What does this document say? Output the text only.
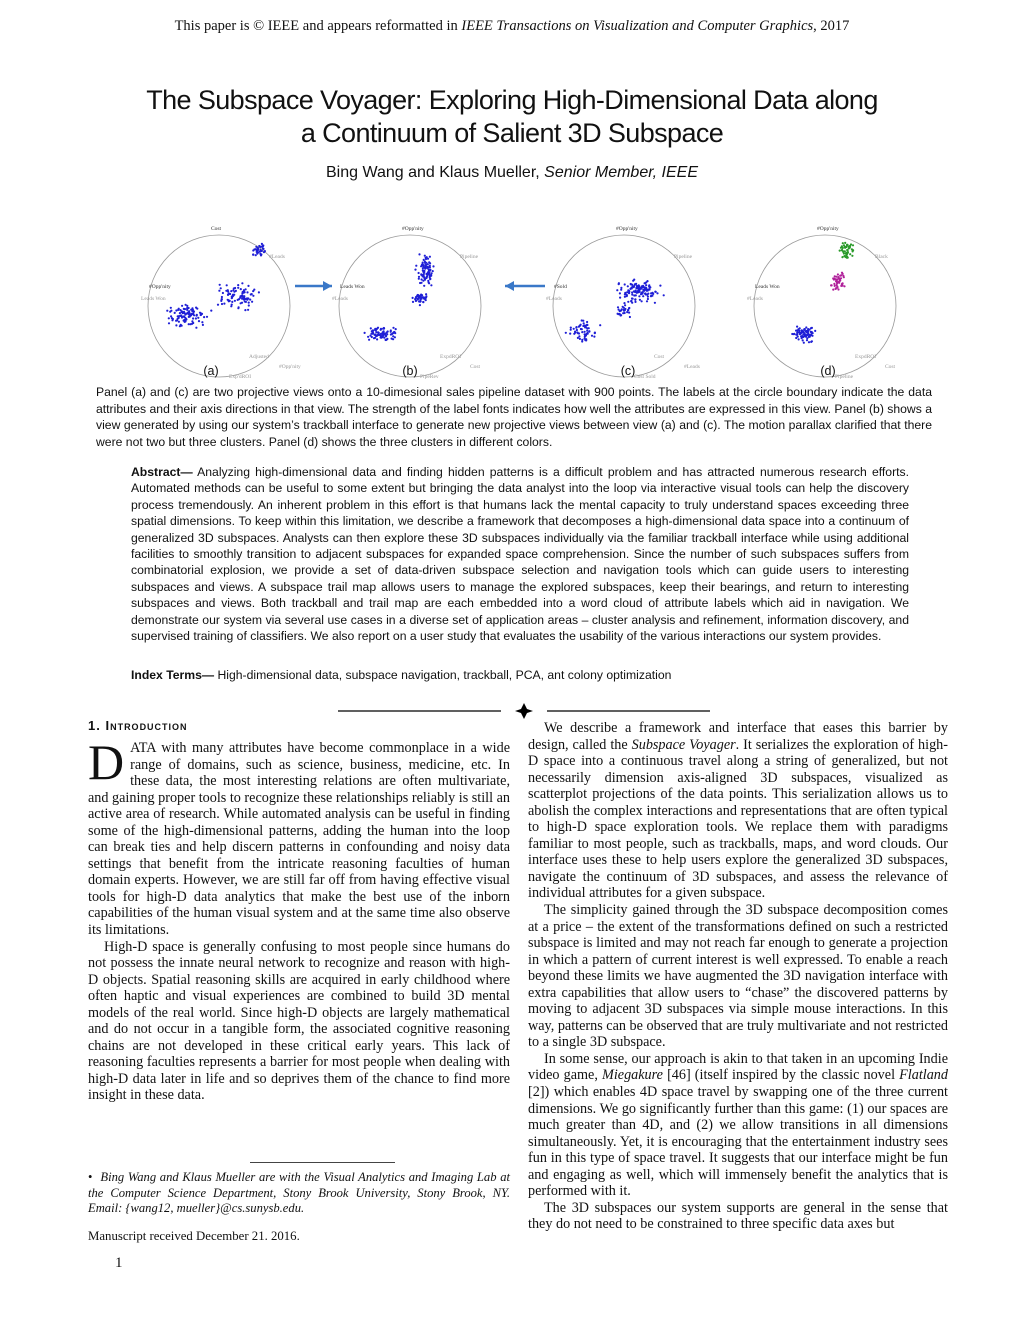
This paper is © IEEE and appears reformatted in IEEE Transactions on Visualization and Computer Graphics, 2017
The Subspace Voyager: Exploring High-Dimensional Data along
a Continuum of Salient 3D Subspace
Bing Wang and Klaus Mueller, Senior Member, IEEE
Cost
#Opp'nity
Leads Won
#Leads
#Opp'nity
Adjusted
Exp'dROI
#Opp'nity
Leads Won
#Leads
Pipeline
Cost
ExpdROI
PipeRev
#Opp'nity
#Sold
#Leads
Pipeline
#Leads
Cost
Cost Sold
#Opp'nity
Leads Won
#Leads
Black
Cost
ExpdROI
Pipeline
(a)	(b)	(c)	(d)
Panel (a) and (c) are two projective views onto a 10-dimesional sales pipeline dataset with 900 points. The labels at the circle boundary indicate the data attributes and their axis directions in that view. The strength of the label fonts indicates how well the attributes are expressed in this view. Panel (b) shows a view generated by using our system’s trackball interface to generate new projective views between view (a) and (c). The motion parallax clarified that there were not two but three clusters. Panel (d) shows the three clusters in different colors.
Abstract— Analyzing high-dimensional data and finding hidden patterns is a difficult problem and has attracted numerous research efforts. Automated methods can be useful to some extent but bringing the data analyst into the loop via interactive visual tools can help the discovery process tremendously. An inherent problem in this effort is that humans lack the mental capacity to truly understand spaces exceeding three spatial dimensions. To keep within this limitation, we describe a framework that decomposes a high-dimensional data space into a continuum of generalized 3D subspaces. Analysts can then explore these 3D subspaces individually via the familiar trackball interface while using additional facilities to smoothly transition to adjacent subspaces for expanded space comprehension. Since the number of such subspaces suffers from combinatorial explosion, we provide a set of data-driven subspace selection and navigation tools which can guide users to interesting subspaces and views. A subspace trail map allows users to manage the explored subspaces, keep their bearings, and return to interesting subspaces and views. Both trackball and trail map are each embedded into a word cloud of attribute labels which aid in navigation. We demonstrate our system via several use cases in a diverse set of application areas – cluster analysis and refinement, information discovery, and supervised training of classifiers. We also report on a user study that evaluates the usability of the various interactions our system provides.
Index Terms— High-dimensional data, subspace navigation, trackball, PCA, ant colony optimization
1. Introduction

DATA with many attributes have become commonplace in a wide range of domains, such as science, business, medicine, etc. In these data, the most interesting relations are often multivariate, and gaining proper tools to recognize these relationships reliably is still an active area of research. While automated analysis can be useful in finding some of the high-dimensional patterns, adding the human into the loop can break ties and help discern patterns in confounding and noisy data settings that benefit from the intricate reasoning faculties of human domain experts. However, we are still far off from having effective visual tools for high-D data analytics that make the best use of the inborn capabilities of the human visual system and at the same time also observe its limitations.

High-D space is generally confusing to most people since humans do not possess the innate neural network to recognize and reason with high-D objects. Spatial reasoning skills are acquired in early childhood where often haptic and visual experiences are combined to build 3D mental models of the real world. Since high-D objects are largely mathematical and do not occur in a tangible form, the associated cognitive reasoning chains are not developed in these critical early years. This lack of reasoning faculties represents a barrier for most people when dealing with high-D data later in life and so deprives them of the chance to find more insight in these data.

We describe a framework and interface that eases this barrier by design, called the Subspace Voyager. It serializes the exploration of high-D space into a continuous travel along a string of generalized, but not necessarily dimension axis-aligned 3D subspaces, visualized as scatterplot projections of the data points. This serialization allows us to abolish the complex interactions and representations that are often typical to high-D space exploration tools. We replace them with paradigms familiar to most people, such as trackballs, maps, and word clouds. Our interface uses these to help users explore the generalized 3D subspaces, navigate the continuum of 3D subspaces, and assess the relevance of individual attributes for a given subspace.

The simplicity gained through the 3D subspace decomposition comes at a price – the extent of the transformations defined on such a restricted subspace is limited and may not reach far enough to generate a projection in which a pattern of current interest is well expressed. To enable a reach beyond these limits we have augmented the 3D navigation interface with extra capabilities that allow users to “chase” the discovered patterns by moving to adjacent 3D subspaces via simple mouse interactions. In this way, patterns can be observed that are truly multivariate and not restricted to a single 3D subspace.

In some sense, our approach is akin to that taken in an upcoming Indie video game, Miegakure [46] (itself inspired by the classic novel Flatland [2]) which enables 4D space travel by swapping one of the three current dimensions. We go significantly further than this game: (1) our spaces are much greater than 4D, and (2) we allow transitions in all dimensions simultaneously. Yet, it is encouraging that the entertainment industry sees fun in this type of space travel. It suggests that our interface might be fun and engaging as well, which will immensely benefit the analytics that is performed with it.

The 3D subspaces our system supports are general in the sense that they do not need to be constrained to three specific data axes but

• Bing Wang and Klaus Mueller are with the Visual Analytics and Imaging Lab at the Computer Science Department, Stony Brook University, Stony Brook, NY. Email: {wang12, mueller}@cs.sunysb.edu.
Manuscript received December 21. 2016.
1
